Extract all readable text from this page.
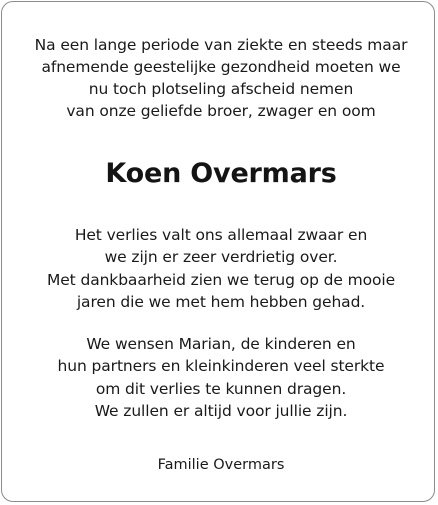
Na een lange periode van ziekte en steeds maar
afnemende geestelijke gezondheid moeten we
nu toch plotseling afscheid nemen
van onze geliefde broer, zwager en oom
Koen Overmars
Het verlies valt ons allemaal zwaar en
we zijn er zeer verdrietig over.
Met dankbaarheid zien we terug op de mooie
jaren die we met hem hebben gehad.
We wensen Marian, de kinderen en
hun partners en kleinkinderen veel sterkte
om dit verlies te kunnen dragen.
We zullen er altijd voor jullie zijn.
Familie Overmars
